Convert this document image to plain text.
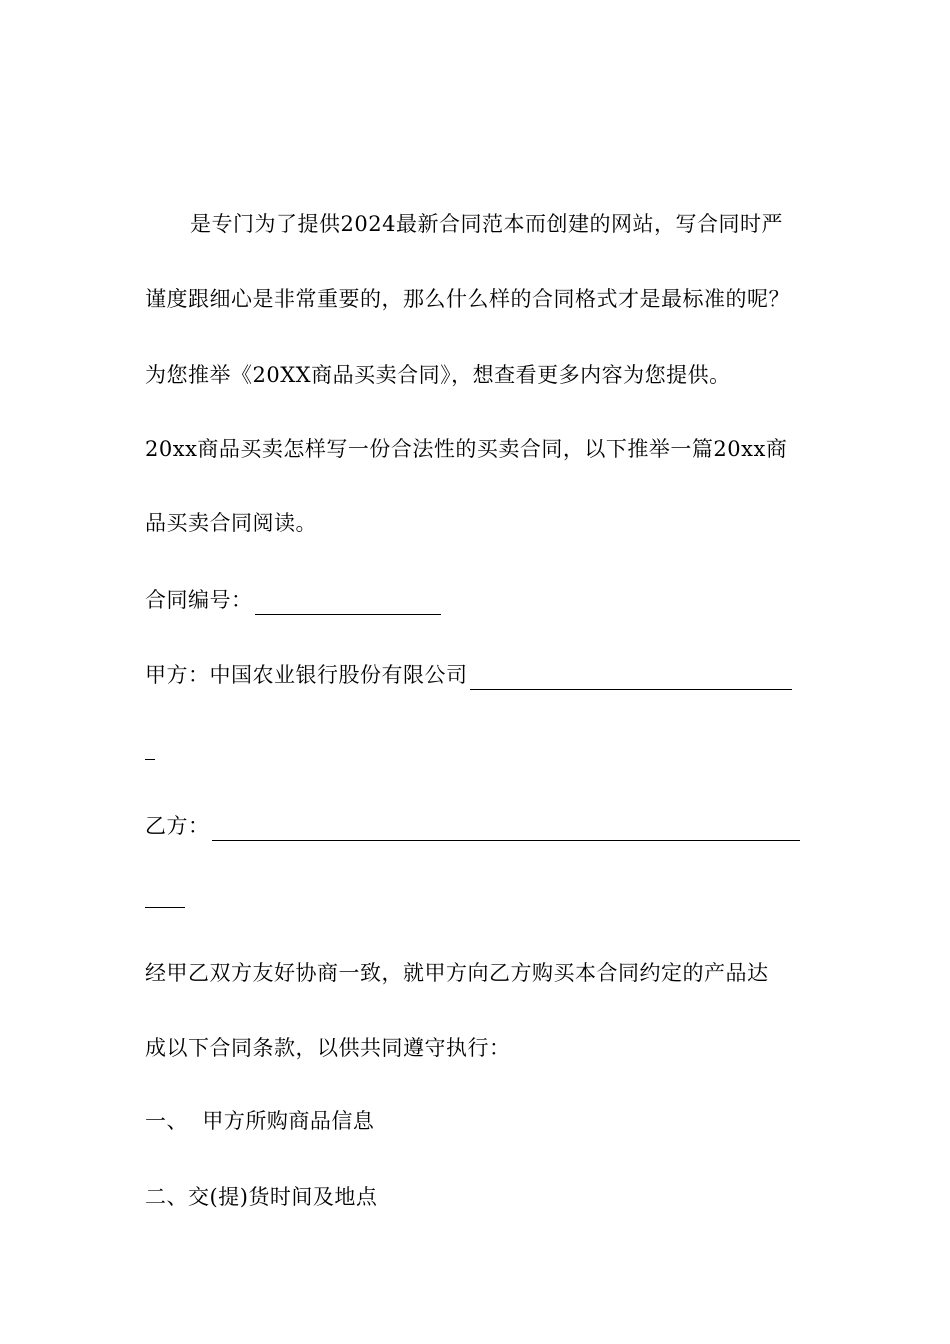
是专门为了提供2024最新合同范本而创建的网站，写合同时严
谨度跟细心是非常重要的，那么什么样的合同格式才是最标准的呢？
为您推举《20XX商品买卖合同》，想查看更多内容为您提供。
20xx商品买卖怎样写一份合法性的买卖合同，以下推举一篇20xx商
品买卖合同阅读。
合同编号：
甲方：中国农业银行股份有限公司
乙方：
经甲乙双方友好协商一致，就甲方向乙方购买本合同约定的产品达
成以下合同条款，以供共同遵守执行：
一、  甲方所购商品信息
二、交(提)货时间及地点
